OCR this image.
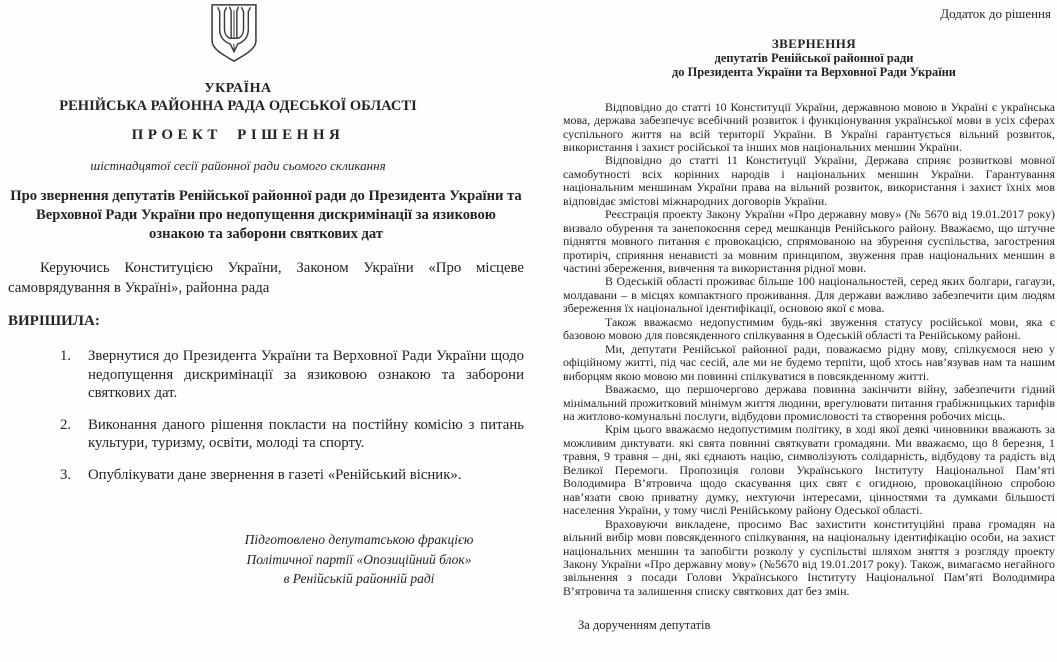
УКРАЇНА
РЕНІЙСЬКА РАЙОННА РАДА ОДЕСЬКОЇ ОБЛАСТІ
ПРОЕКТ РІШЕННЯ
шістнадцятої сесії районної ради сьомого скликання
Про звернення депутатів Ренійської районної ради до Президента України та Верховної Ради України про недопущення дискримінації за язиковою ознакою та заборони святкових дат

Керуючись Конституцією України, Законом України «Про місцеве самоврядування в Україні», районна рада

ВИРІШИЛА:
1. Звернутися до Президента України та Верховної Ради України щодо недопущення дискримінації за язиковою ознакою та заборони святкових дат.
2. Виконання даного рішення покласти на постійну комісію з питань культури, туризму, освіти, молоді та спорту.
3. Опублікувати дане звернення в газеті «Ренійський вісник».
Підготовлено депутатською фракцією
Політичної партії «Опозиційний блок»
в Ренійській районній раді
Додаток до рішення
ЗВЕРНЕННЯ
депутатів Ренійської районної ради
до Президента України та Верховної Ради України

Відповідно до статті 10 Конституції України, державною мовою в Україні є українська мова, держава забезпечує всебічний розвиток і функціонування української мови в усіх сферах суспільного життя на всій території України. В Україні гарантується вільний розвиток, використання і захист російської та інших мов національних меншин України.

Відповідно до статті 11 Конституції України, Держава сприяє розвиткові мовної самобутності всіх корінних народів і національних меншин України. Гарантування національним меншинам України права на вільний розвиток, використання і захист їхніх мов відповідає змістові міжнародних договорів України.

Реєстрація проекту Закону України «Про державну мову» (№ 5670 від 19.01.2017 року) визвало обурення та занепокоєння серед мешканців Ренійського району. Вважаємо, що штучне підняття мовного питання є провокацією, спрямованою на збурення суспільства, загострення протиріч, сприяння ненависті за мовним принципом, звуження прав національних меншин в частині збереження, вивчення та використання рідної мови.

В Одеській області проживає більше 100 національностей, серед яких болгари, гагаузи, молдавани – в місцях компактного проживання. Для держави важливо забезпечити цим людям збереження їх національної ідентифікації, основою якої є мова.

Також вважаємо недопустимим будь-які звуження статусу російської мови, яка є базовою мовою для повсякденного спілкування в Одеській області та Ренійському районі.

Ми, депутати Ренійської районної ради, поважаємо рідну мову, спілкуємося нею у офіційному житті, під час сесій, але ми не будемо терпіти, щоб хтось нав’язував нам та нашим виборцям якою мовою ми повинні спілкуватися в повсякденному житті.

Вважаємо, що першочергово держава повинна закінчити війну, забезпечити гідний мінімальний прожитковий мінімум життя людини, врегулювати питання грабіжницьких тарифів на житлово-комунальні послуги, відбудови промисловості та створення робочих місць.

Крім цього вважаємо недопустимим політику, в ході якої деякі чиновники вважають за можливим диктувати. які свята повинні святкувати громадяни. Ми вважаємо, що 8 березня, 1 травня, 9 травня – дні, які єднають націю, символізують солідарність, відбудову та радість від Великої Перемоги. Пропозиція голови Українського Інституту Національної Пам’яті Володимира В’ятровича щодо скасування цих свят є огидною, провокаційною спробою нав’язати свою приватну думку, нехтуючи інтересами, цінностями та думками більшості населення України, у тому числі Ренійському району Одеської області.

Враховуючи викладене, просимо Вас захистити конституційні права громадян на вільний вибір мови повсякденного спілкування, на національну ідентифікацію особи, на захист національних меншин та запобігти розколу у суспільстві шляхом зняття з розгляду проекту Закону України «Про державну мову» (№5670 від 19.01.2017 року). Також, вимагаємо негайного звільнення з посади Голови Українського Інституту Національної Пам’яті Володимира В’ятровича та залишення списку святкових дат без змін.

За дорученням депутатів
